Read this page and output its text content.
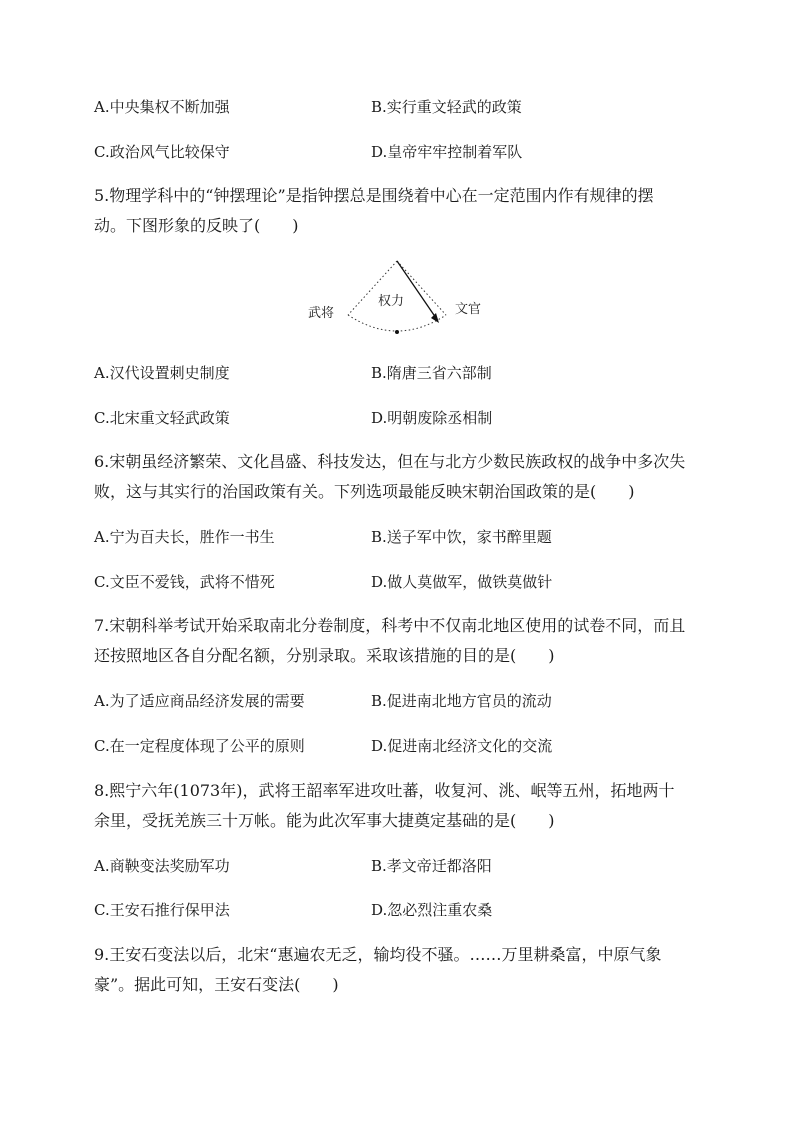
A.中央集权不断加强	B.实行重文轻武的政策
C.政治风气比较保守	D.皇帝牢牢控制着军队
5.物理学科中的“钟摆理论”是指钟摆总是围绕着中心在一定范围内作有规律的摆
动。下图形象的反映了(　　)
武将
权力
文官
A.汉代设置刺史制度	B.隋唐三省六部制
C.北宋重文轻武政策	D.明朝废除丞相制
6.宋朝虽经济繁荣、文化昌盛、科技发达，但在与北方少数民族政权的战争中多次失
败，这与其实行的治国政策有关。下列选项最能反映宋朝治国政策的是(　　)
A.宁为百夫长，胜作一书生	B.送子军中饮，家书醉里题
C.文臣不爱钱，武将不惜死	D.做人莫做军，做铁莫做针
7.宋朝科举考试开始采取南北分卷制度，科考中不仅南北地区使用的试卷不同，而且
还按照地区各自分配名额，分别录取。采取该措施的目的是(　　)
A.为了适应商品经济发展的需要	B.促进南北地方官员的流动
C.在一定程度体现了公平的原则	D.促进南北经济文化的交流
8.熙宁六年(1073年)，武将王韶率军进攻吐蕃，收复河、洮、岷等五州，拓地两十
余里，受抚羌族三十万帐。能为此次军事大捷奠定基础的是(　　)
A.商鞅变法奖励军功	B.孝文帝迁都洛阳
C.王安石推行保甲法	D.忽必烈注重农桑
9.王安石变法以后，北宋“惠遍农无乏，输均役不骚。……万里耕桑富，中原气象
豪”。据此可知，王安石变法(　　)
